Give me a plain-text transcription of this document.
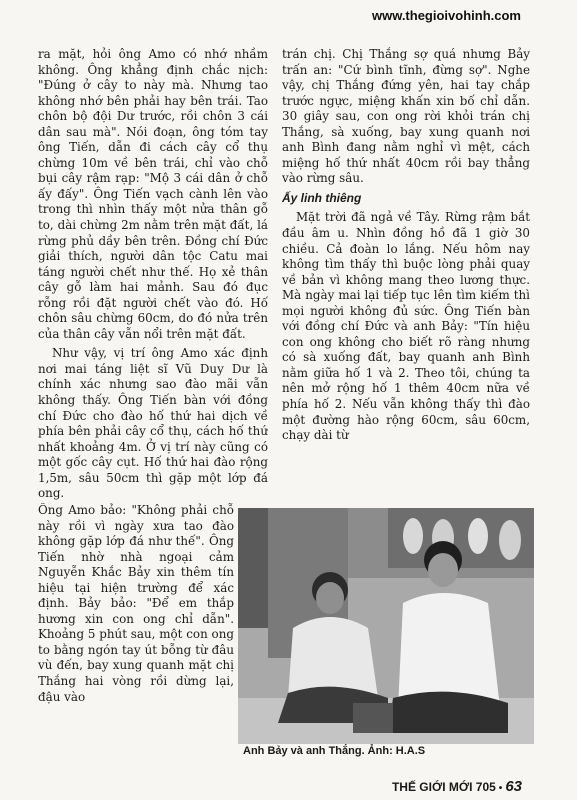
www.thegioivohinh.com

ra mặt, hỏi ông Amo có nhớ nhầm không. Ông khẳng định chắc nịch: "Đúng ở cây to này mà. Nhưng tao không nhớ bên phải hay bên trái. Tao chôn bộ đội Dư trước, rồi chôn 3 cái dân sau mà". Nói đoạn, ông tóm tay ông Tiến, dẫn đi cách cây cổ thụ chừng 10m về bên trái, chỉ vào chỗ bụi cây rậm rạp: "Mộ 3 cái dân ở chỗ ấy đấy". Ông Tiến vạch cành lên vào trong thì nhìn thấy một nửa thân gỗ to, dài chừng 2m nằm trên mặt đất, lá rừng phủ dầy bên trên. Đồng chí Đức giải thích, người dân tộc Catu mai táng người chết như thế. Họ xẻ thân cây gỗ làm hai mảnh. Sau đó đục rỗng rồi đặt người chết vào đó. Hố chôn sâu chừng 60cm, do đó nửa trên của thân cây vẫn nổi trên mặt đất.

Như vậy, vị trí ông Amo xác định nơi mai táng liệt sĩ Vũ Duy Dư là chính xác nhưng sao đào mãi vẫn không thấy. Ông Tiến bàn với đồng chí Đức cho đào hố thứ hai dịch về phía bên phải cây cổ thụ, cách hố thứ nhất khoảng 4m. Ở vị trí này cũng có một gốc cây cụt. Hố thứ hai đào rộng 1,5m, sâu 50cm thì gặp một lớp đá ong.

Ông Amo bảo: "Không phải chỗ này rồi vì ngày xưa tao đào không gặp lớp đá như thế". Ông Tiến nhờ nhà ngoại cảm Nguyễn Khắc Bảy xin thêm tín hiệu tại hiện trường để xác định. Bảy bảo: "Để em thắp hương xin con ong chỉ dẫn". Khoảng 5 phút sau, một con ong to bằng ngón tay út bỗng từ đâu vù đến, bay xung quanh mặt chị Thắng hai vòng rồi dừng lại, đậu vào

trán chị. Chị Thắng sợ quá nhưng Bảy trấn an: "Cứ bình tĩnh, đừng sợ". Nghe vậy, chị Thắng đứng yên, hai tay chắp trước ngực, miệng khấn xin bố chỉ dẫn. 30 giây sau, con ong rời khỏi trán chị Thắng, sà xuống, bay xung quanh nơi anh Bình đang nằm nghỉ vì mệt, cách miệng hố thứ nhất 40cm rồi bay thẳng vào rừng sâu.

Ấy linh thiêng

Mặt trời đã ngả về Tây. Rừng rậm bắt đầu âm u. Nhìn đồng hồ đã 1 giờ 30 chiều. Cả đoàn lo lắng. Nếu hôm nay không tìm thấy thì buộc lòng phải quay về bản vì không mang theo lương thực. Mà ngày mai lại tiếp tục lên tìm kiếm thì mọi người không đủ sức. Ông Tiến bàn với đồng chí Đức và anh Bảy: "Tín hiệu con ong không cho biết rõ ràng nhưng có sà xuống đất, bay quanh anh Bình nằm giữa hố 1 và 2. Theo tôi, chúng ta nên mở rộng hố 1 thêm 40cm nữa về phía hố 2. Nếu vẫn không thấy thì đào một đường hào rộng 60cm, sâu 60cm, chạy dài từ

Anh Bảy và anh Thắng. Ảnh: H.A.S
THẾ GIỚI MỚI 705 • 63
